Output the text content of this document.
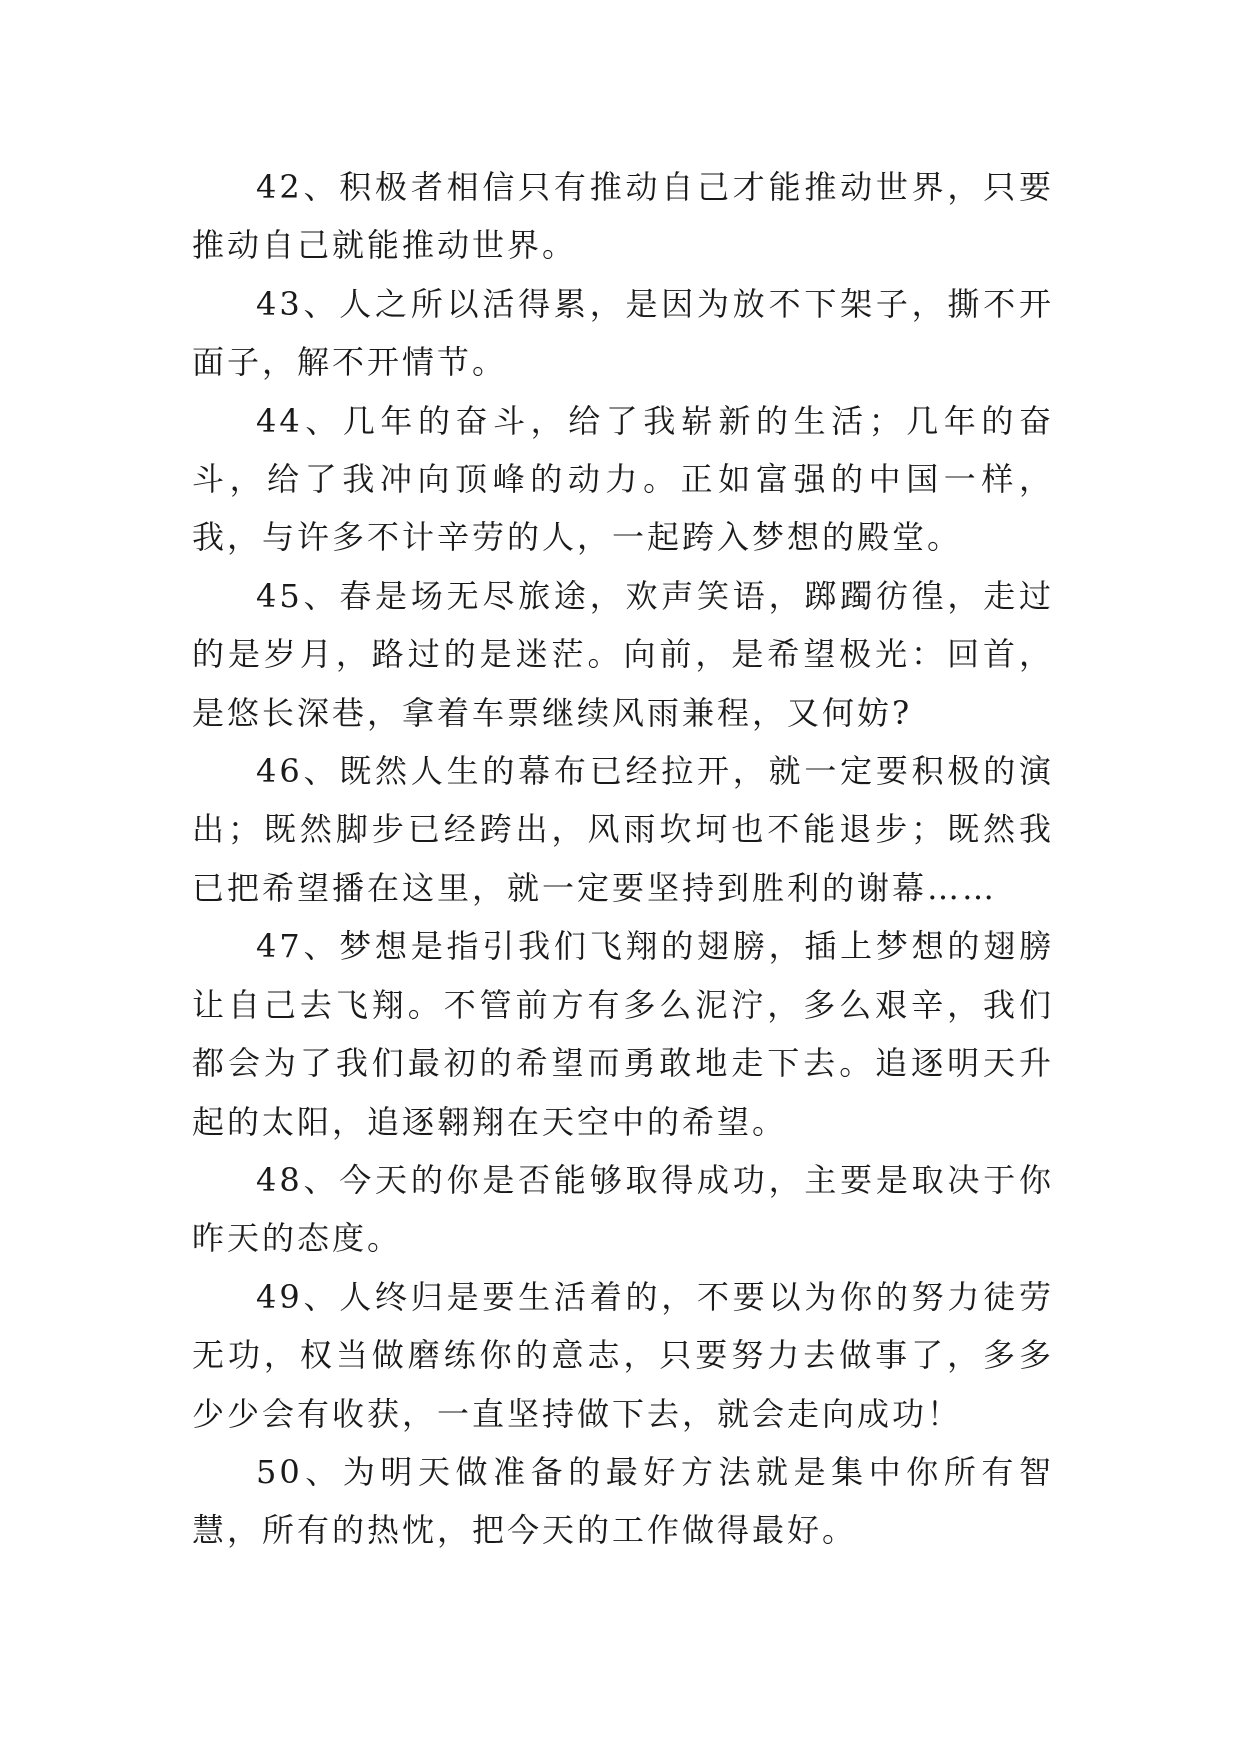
42、积极者相信只有推动自己才能推动世界，只要推动自己就能推动世界。

43、人之所以活得累，是因为放不下架子，撕不开面子，解不开情节。

44、几年的奋斗，给了我崭新的生活；几年的奋斗，给了我冲向顶峰的动力。正如富强的中国一样，我，与许多不计辛劳的人，一起跨入梦想的殿堂。

45、春是场无尽旅途，欢声笑语，踯躅彷徨，走过的是岁月，路过的是迷茫。向前，是希望极光：回首，是悠长深巷，拿着车票继续风雨兼程，又何妨?

46、既然人生的幕布已经拉开，就一定要积极的演出；既然脚步已经跨出，风雨坎坷也不能退步；既然我已把希望播在这里，就一定要坚持到胜利的谢幕……

47、梦想是指引我们飞翔的翅膀，插上梦想的翅膀让自己去飞翔。不管前方有多么泥泞，多么艰辛，我们都会为了我们最初的希望而勇敢地走下去。追逐明天升起的太阳，追逐翱翔在天空中的希望。

48、今天的你是否能够取得成功，主要是取决于你昨天的态度。

49、人终归是要生活着的，不要以为你的努力徒劳无功，权当做磨练你的意志，只要努力去做事了，多多少少会有收获，一直坚持做下去，就会走向成功！

50、为明天做准备的最好方法就是集中你所有智慧，所有的热忱，把今天的工作做得最好。
